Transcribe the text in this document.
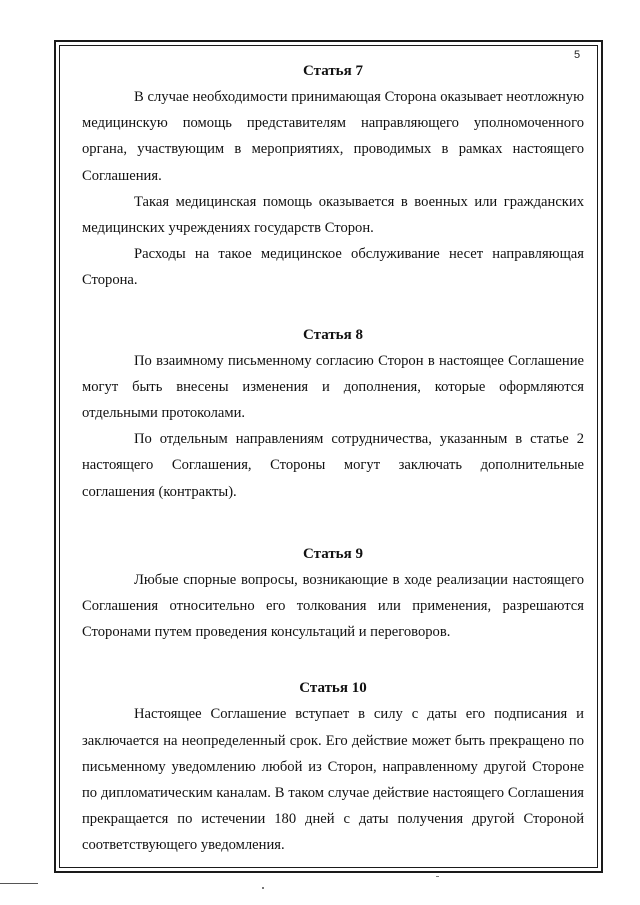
5
Статья 7

В случае необходимости принимающая Сторона оказывает неотложную медицинскую помощь представителям направляющего уполномоченного органа, участвующим в мероприятиях, проводимых в рамках настоящего Соглашения.

Такая медицинская помощь оказывается в военных или гражданских медицинских учреждениях государств Сторон.

Расходы на такое медицинское обслуживание несет направляющая Сторона.

Статья 8

По взаимному письменному согласию Сторон в настоящее Соглашение могут быть внесены изменения и дополнения, которые оформляются отдельными протоколами.

По отдельным направлениям сотрудничества, указанным в статье 2 настоящего Соглашения, Стороны могут заключать дополнительные соглашения (контракты).

Статья 9

Любые спорные вопросы, возникающие в ходе реализации настоящего Соглашения относительно его толкования или применения, разрешаются Сторонами путем проведения консультаций и переговоров.

Статья 10

Настоящее Соглашение вступает в силу с даты его подписания и заключается на неопределенный срок. Его действие может быть прекращено по письменному уведомлению любой из Сторон, направленному другой Стороне по дипломатическим каналам. В таком случае действие настоящего Соглашения прекращается по истечении 180 дней с даты получения другой Стороной соответствующего уведомления.
